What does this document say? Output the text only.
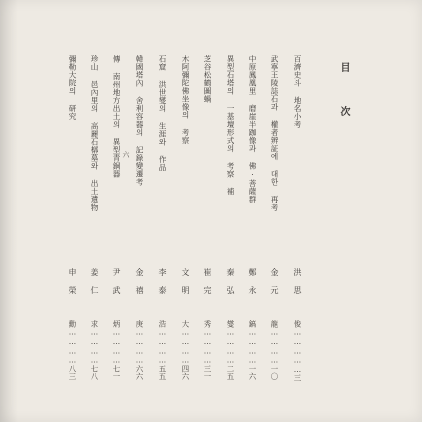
目 次
百濟史斗 地名小考
洪 思
俊……………三
武寧王陵誌石과 權者辨証에 대한 再考
金 元
龍…………一〇
中原鳳凰里 磨崖半跏像과 佛·菩薩群
鄭 永
鎬…………一六
異型石塔의 一基壇形式의 考察 補
秦 弘
燮…………二五
芝谷松鶴圖蝸
崔 完
秀…………三一
木阿彌陀佛坐像의 考察
文 明
大…………四六
石窟 洪世燮의 生涯와 作品
李 泰
浩…………五五
韓國塔內 舍利容器의 記錄變遷考
金 禧
庚…………六六
傳 南州地方出土의 異型青銅器
尹 武
炳…………七一
珍山 邑內里의 高麗石槨墓와 出土遺物
姜 仁
求…………七八
彌勒大院의 研究
申 榮
勳…………八三
六
